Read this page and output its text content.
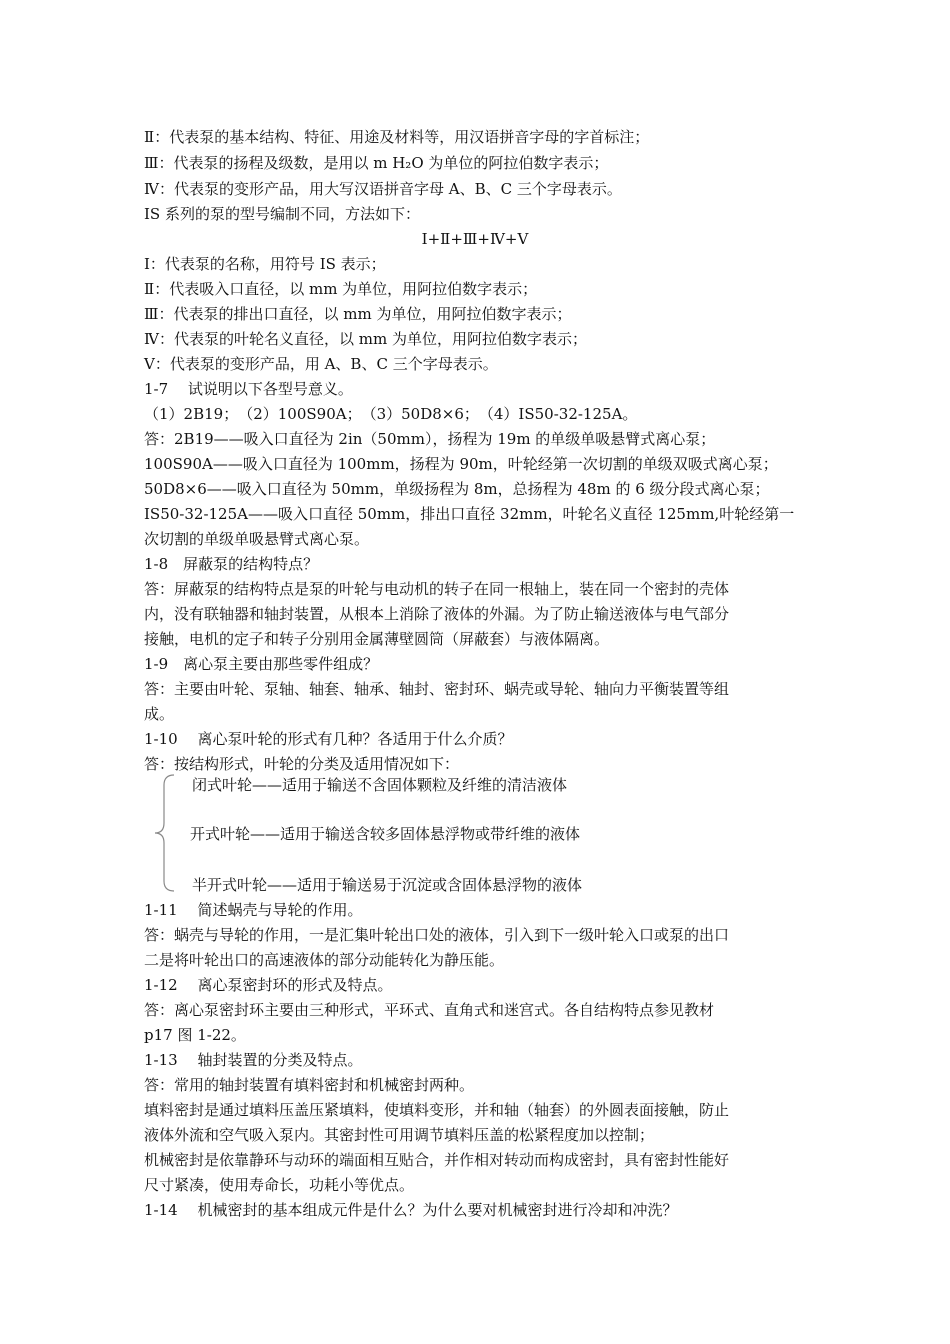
Ⅱ：代表泵的基本结构、特征、用途及材料等，用汉语拼音字母的字首标注；
Ⅲ：代表泵的扬程及级数，是用以 m H₂O 为单位的阿拉伯数字表示；
Ⅳ：代表泵的变形产品，用大写汉语拼音字母 A、B、C 三个字母表示。
IS 系列的泵的型号编制不同，方法如下：
Ⅰ+Ⅱ+Ⅲ+Ⅳ+Ⅴ
Ⅰ：代表泵的名称，用符号 IS 表示；
Ⅱ：代表吸入口直径，以 mm 为单位，用阿拉伯数字表示；
Ⅲ：代表泵的排出口直径，以 mm 为单位，用阿拉伯数字表示；
Ⅳ：代表泵的叶轮名义直径，以 mm 为单位，用阿拉伯数字表示；
Ⅴ：代表泵的变形产品，用 A、B、C 三个字母表示。
1-7　 试说明以下各型号意义。
（1）2B19；　（2）100S90A；　（3）50D8×6；　（4）IS50-32-125A。
答：2B19——吸入口直径为 2in（50mm），扬程为 19m 的单级单吸悬臂式离心泵；
100S90A——吸入口直径为 100mm，扬程为 90m，叶轮经第一次切割的单级双吸式离心泵；
50D8×6——吸入口直径为 50mm，单级扬程为 8m，总扬程为 48m 的 6 级分段式离心泵；
IS50-32-125A——吸入口直径 50mm，排出口直径 32mm，叶轮名义直径 125mm,叶轮经第一
次切割的单级单吸悬臂式离心泵。
1-8　屏蔽泵的结构特点？
答：屏蔽泵的结构特点是泵的叶轮与电动机的转子在同一根轴上，装在同一个密封的壳体
内，没有联轴器和轴封装置，从根本上消除了液体的外漏。为了防止输送液体与电气部分
接触，电机的定子和转子分别用金属薄壁圆筒（屏蔽套）与液体隔离。
1-9　离心泵主要由那些零件组成？
答：主要由叶轮、泵轴、轴套、轴承、轴封、密封环、蜗壳或导轮、轴向力平衡装置等组
成。
1-10　 离心泵叶轮的形式有几种？各适用于什么介质？
答：按结构形式，叶轮的分类及适用情况如下：
闭式叶轮——适用于输送不含固体颗粒及纤维的清洁液体
开式叶轮——适用于输送含较多固体悬浮物或带纤维的液体
半开式叶轮——适用于输送易于沉淀或含固体悬浮物的液体
1-11　 简述蜗壳与导轮的作用。
答：蜗壳与导轮的作用，一是汇集叶轮出口处的液体，引入到下一级叶轮入口或泵的出口
二是将叶轮出口的高速液体的部分动能转化为静压能。
1-12　 离心泵密封环的形式及特点。
答：离心泵密封环主要由三种形式，平环式、直角式和迷宫式。各自结构特点参见教材
p17 图 1-22。
1-13　 轴封装置的分类及特点。
答：常用的轴封装置有填料密封和机械密封两种。
填料密封是通过填料压盖压紧填料，使填料变形，并和轴（轴套）的外圆表面接触，防止
液体外流和空气吸入泵内。其密封性可用调节填料压盖的松紧程度加以控制；
机械密封是依靠静环与动环的端面相互贴合，并作相对转动而构成密封，具有密封性能好
尺寸紧凑，使用寿命长，功耗小等优点。
1-14　 机械密封的基本组成元件是什么？为什么要对机械密封进行冷却和冲洗？
